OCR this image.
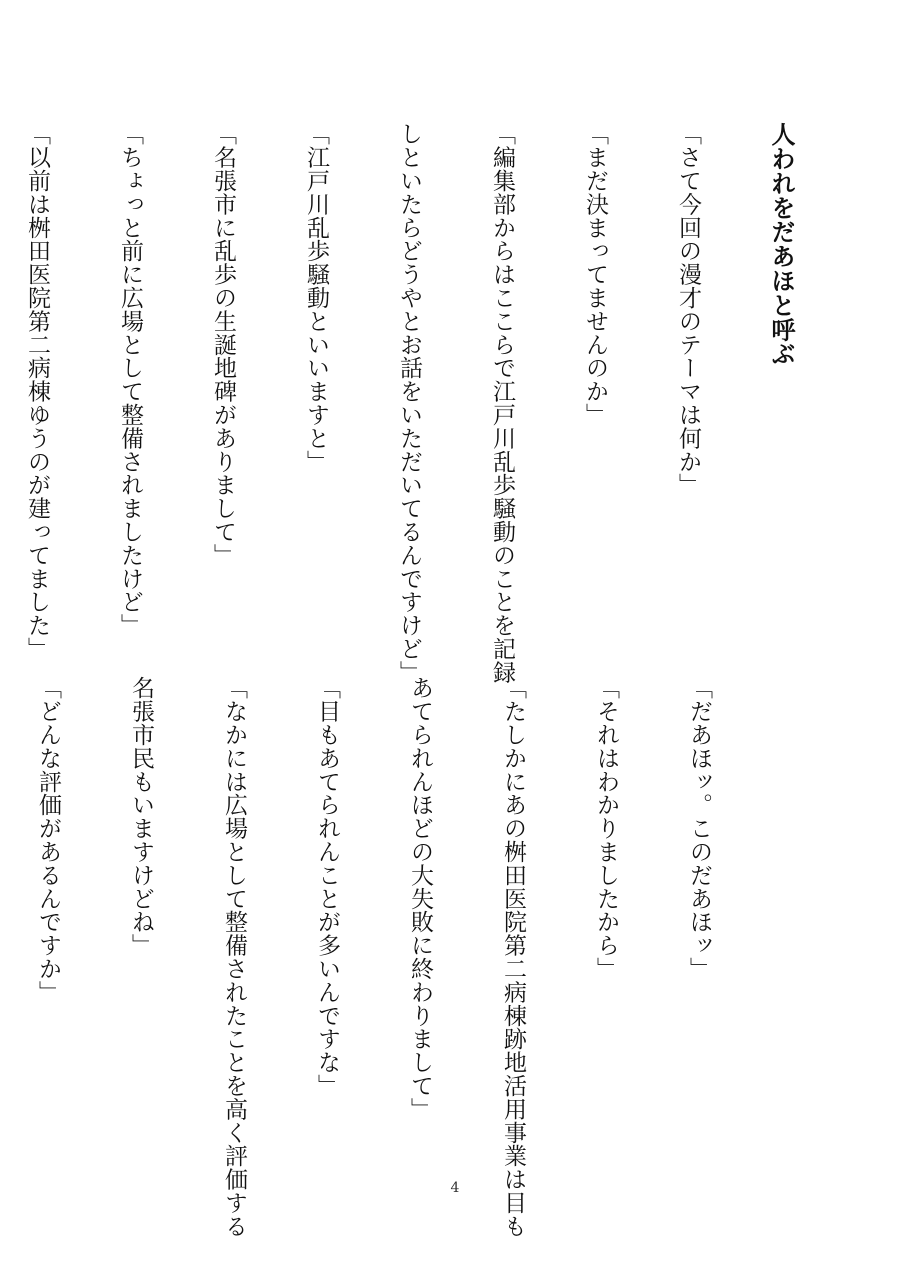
人われをだあほと呼ぶ

「さて今回の漫才のテーマは何か」

「まだ決まってませんのか」

「編集部からはここらで江戸川乱歩騒動のことを記録

しといたらどうやとお話をいただいてるんですけど」

「江戸川乱歩騒動といいますと」

「名張市に乱歩の生誕地碑がありまして」

「ちょっと前に広場として整備されましたけど」

「以前は桝田医院第二病棟ゆうのが建ってました」

「だあほッ。このだあほッ」

「それはわかりましたから」

「たしかにあの桝田医院第二病棟跡地活用事業は目も

あてられんほどの大失敗に終わりまして」

「目もあてられんことが多いんですな」

「なかには広場として整備されたことを高く評価する

名張市民もいますけどね」

「どんな評価があるんですか」

4
